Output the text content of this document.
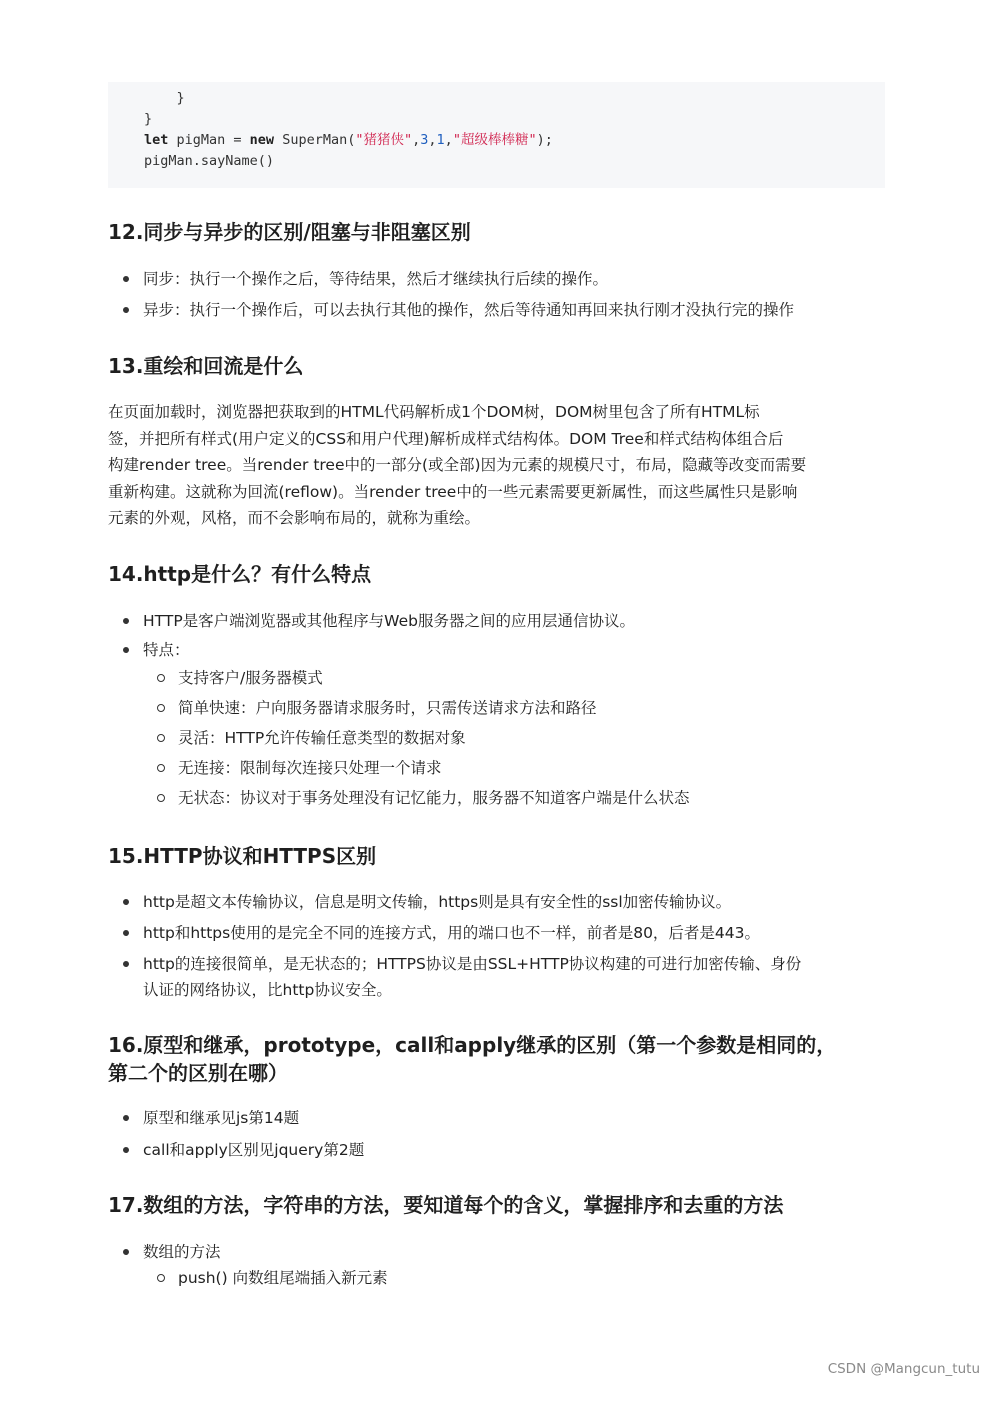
}
}
let pigMan = new SuperMan("猪猪侠",3,1,"超级棒棒糖");
pigMan.sayName()
12.同步与异步的区别/阻塞与非阻塞区别
同步：执行一个操作之后，等待结果，然后才继续执行后续的操作。
异步：执行一个操作后，可以去执行其他的操作，然后等待通知再回来执行刚才没执行完的操作
13.重绘和回流是什么
在页面加载时，浏览器把获取到的HTML代码解析成1个DOM树，DOM树里包含了所有HTML标
签，并把所有样式(用户定义的CSS和用户代理)解析成样式结构体。DOM Tree和样式结构体组合后
构建render tree。当render tree中的一部分(或全部)因为元素的规模尺寸，布局，隐藏等改变而需要
重新构建。这就称为回流(reflow)。当render tree中的一些元素需要更新属性，而这些属性只是影响
元素的外观，风格，而不会影响布局的，就称为重绘。
14.http是什么？有什么特点
HTTP是客户端浏览器或其他程序与Web服务器之间的应用层通信协议。
特点：
支持客户/服务器模式
简单快速：户向服务器请求服务时，只需传送请求方法和路径
灵活：HTTP允许传输任意类型的数据对象
无连接：限制每次连接只处理一个请求
无状态：协议对于事务处理没有记忆能力，服务器不知道客户端是什么状态
15.HTTP协议和HTTPS区别
http是超文本传输协议，信息是明文传输，https则是具有安全性的ssl加密传输协议。
http和https使用的是完全不同的连接方式，用的端口也不一样，前者是80，后者是443。
http的连接很简单，是无状态的；HTTPS协议是由SSL+HTTP协议构建的可进行加密传输、身份
认证的网络协议，比http协议安全。
16.原型和继承，prototype，call和apply继承的区别（第一个参数是相同的，
第二个的区别在哪）
原型和继承见js第14题
call和apply区别见jquery第2题
17.数组的方法，字符串的方法，要知道每个的含义，掌握排序和去重的方法
数组的方法
push() 向数组尾端插入新元素
CSDN @Mangcun_tutu
